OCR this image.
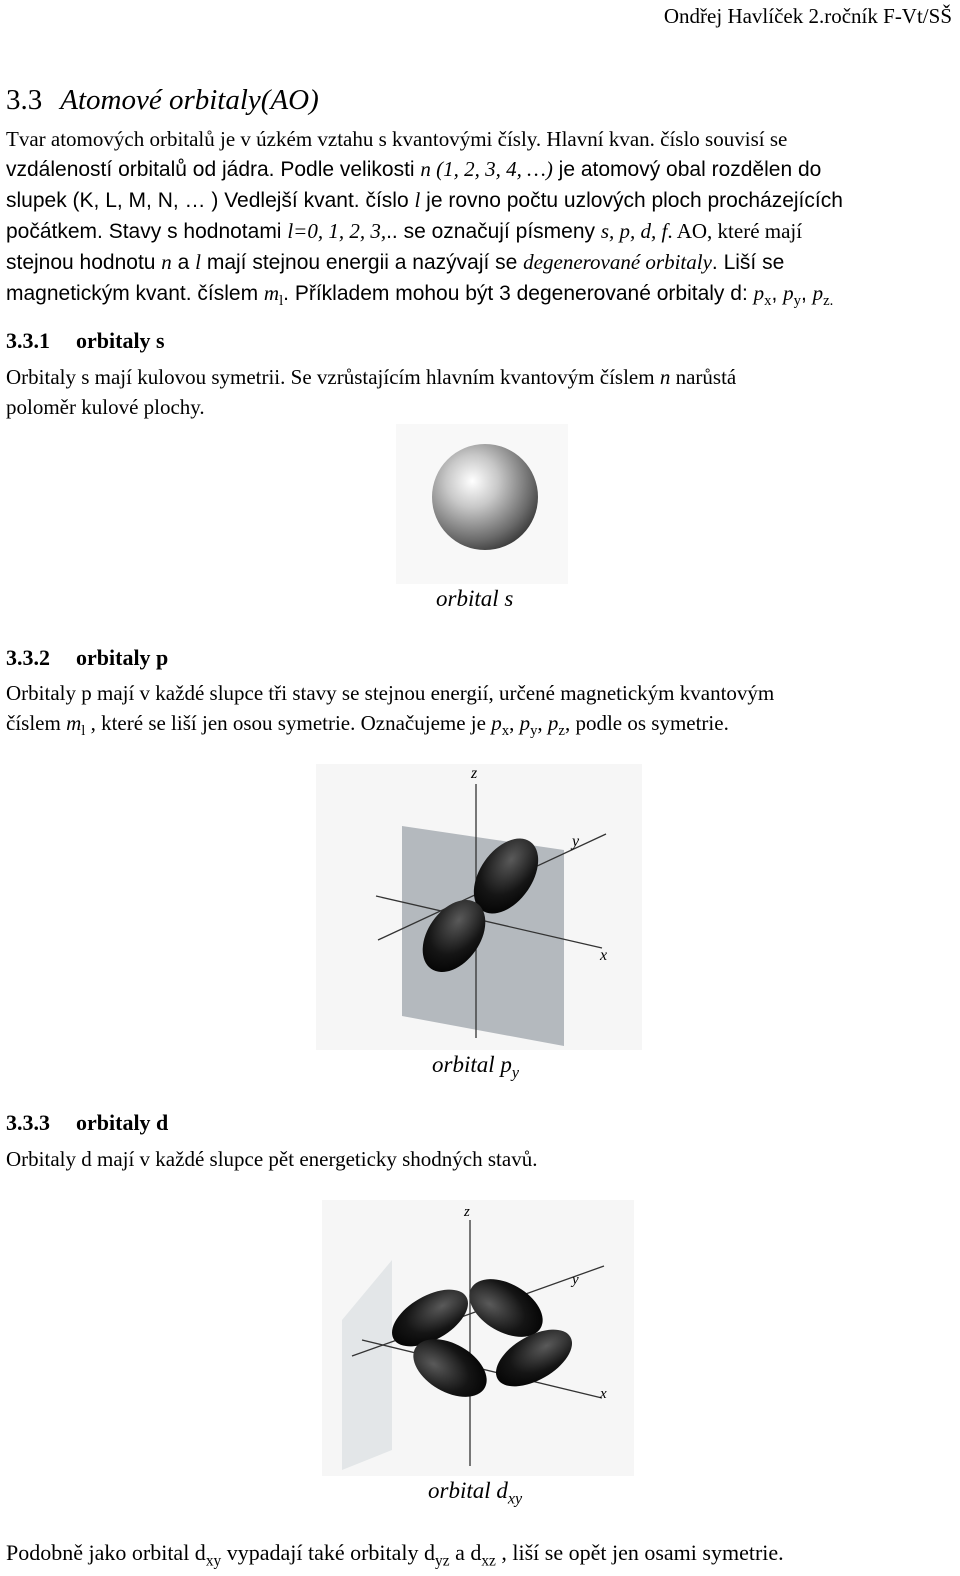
Ondřej Havlíček 2.ročník F-Vt/SŠ
3.3 Atomové orbitaly(AO)
Tvar atomových orbitalů je v úzkém vztahu s kvantovými čísly. Hlavní kvan. číslo souvisí se
vzdáleností orbitalů od jádra. Podle velikosti n (1, 2, 3, 4, …) je atomový obal rozdělen do
slupek (K, L, M, N, … ) Vedlejší kvant. číslo l je rovno počtu uzlových ploch procházejících
počátkem. Stavy s hodnotami l=0, 1, 2, 3,.. se označují písmeny s, p, d, f. AO, které mají
stejnou hodnotu n a l mají stejnou energii a nazývají se degenerované orbitaly. Liší se
magnetickým kvant. číslem $m_l$. Příkladem mohou být 3 degenerované orbitaly d: $p_x$, $p_y$, $p_{z.}$
3.3.1 orbitaly s
Orbitaly s mají kulovou symetrii. Se vzrůstajícím hlavním kvantovým číslem n narůstá
poloměr kulové plochy.
orbital s
3.3.2 orbitaly p
Orbitaly p mají v každé slupce tři stavy se stejnou energií, určené magnetickým kvantovým
číslem $m_l$ , které se liší jen osou symetrie. Označujeme je $p_x$, $p_y$, $p_z$, podle os symetrie.
z
y
x
orbital $p_y$
3.3.3 orbitaly d
Orbitaly d mají v každé slupce pět energeticky shodných stavů.
z
y
x
orbital $d_{xy}$
Podobně jako orbital $d_{xy}$ vypadají také orbitaly $d_{yz}$ a $d_{xz}$ , liší se opět jen osami symetrie.
